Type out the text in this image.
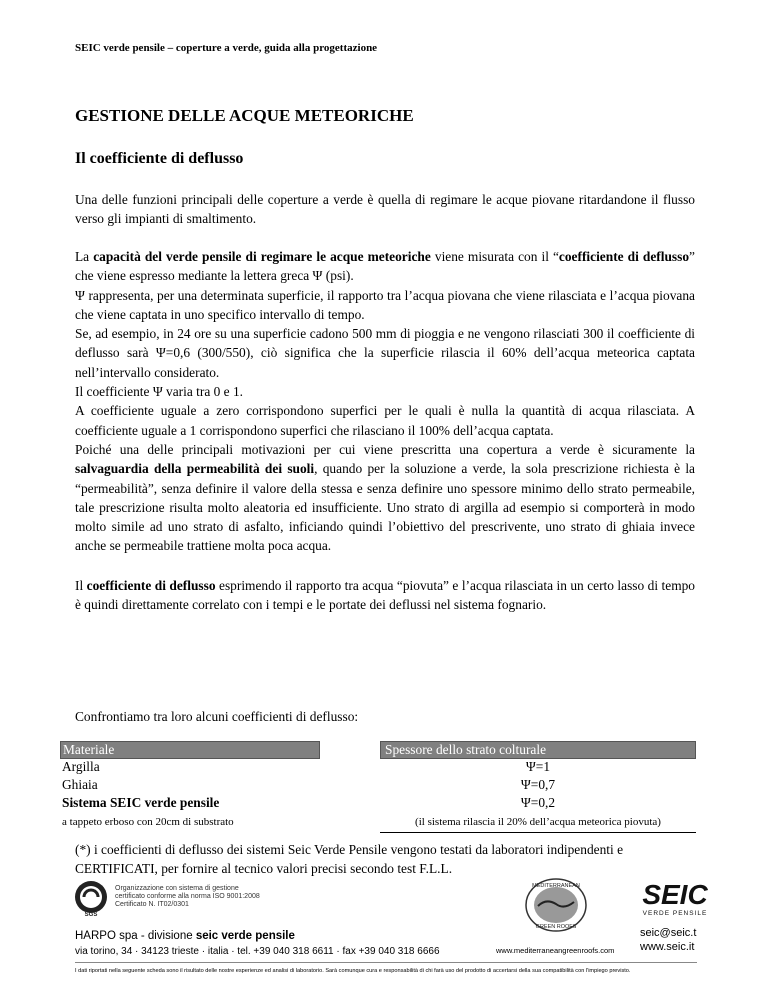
SEIC verde pensile – coperture a verde, guida alla progettazione
GESTIONE DELLE ACQUE METEORICHE
Il coefficiente di deflusso

Una delle funzioni principali delle coperture a verde è quella di regimare le acque piovane ritardandone il flusso verso gli impianti di smaltimento.

La capacità del verde pensile di regimare le acque meteoriche viene misurata con il “coefficiente di deflusso” che viene espresso mediante la lettera greca Ψ (psi).
Ψ rappresenta, per una determinata superficie, il rapporto tra l’acqua piovana che viene rilasciata e l’acqua piovana che viene captata in uno specifico intervallo di tempo.
Se, ad esempio, in 24 ore su una superficie cadono 500 mm di pioggia e ne vengono rilasciati 300 il coefficiente di deflusso sarà Ψ=0,6 (300/550), ciò significa che la superficie rilascia il 60% dell’acqua meteorica captata nell’intervallo considerato.
Il coefficiente Ψ varia tra 0 e 1.
A coefficiente uguale a zero corrispondono superfici per le quali è nulla la quantità di acqua rilasciata. A coefficiente uguale a 1 corrispondono superfici che rilasciano il 100% dell’acqua captata.

Poiché una delle principali motivazioni per cui viene prescritta una copertura a verde è sicuramente la salvaguardia della permeabilità dei suoli, quando per la soluzione a verde, la sola prescrizione richiesta è la “permeabilità”, senza definire il valore della stessa e senza definire uno spessore minimo dello strato permeabile, tale prescrizione risulta molto aleatoria ed insufficiente. Uno strato di argilla ad esempio si comporterà in modo molto simile ad uno strato di asfalto, inficiando quindi l’obiettivo del prescrivente, uno strato di ghiaia invece anche se permeabile trattiene molta poca acqua.

Il coefficiente di deflusso esprimendo il rapporto tra acqua “piovuta” e l’acqua rilasciata in un certo lasso di tempo è quindi direttamente correlato con i tempi e le portate dei deflussi nel sistema fognario.

Confrontiamo tra loro alcuni coefficienti di deflusso:

Materiale	Spessore dello strato colturale
Argilla	Ψ=1
Ghiaia	Ψ=0,7
Sistema SEIC verde pensile	Ψ=0,2
a tappeto erboso con 20cm di substrato	(il sistema rilascia il 20% dell’acqua meteorica piovuta)

(*) i coefficienti di deflusso dei sistemi Seic Verde Pensile vengono testati da laboratori indipendenti e CERTIFICATI, per fornire al tecnico valori precisi secondo test F.L.L.

SGS
Organizzazione con sistema di gestione
certificato conforme alla norma ISO 9001:2008
Certificato N. IT02/0301
MEDITERRANEAN
GREEN ROOFS
SEIC
VERDE PENSILE
HARPO spa - divisione seic verde pensile
via torino, 34 · 34123 trieste · italia · tel. +39 040 318 6611 · fax +39 040 318 6666	www.mediterraneangreenroofs.com
seic@seic.t
www.seic.it
I dati riportati nella seguente scheda sono il risultato delle nostre esperienze ed analisi di laboratorio. Sarà comunque cura e responsabilità di chi farà uso del prodotto di accertarsi della sua compatibilità con l'impiego previsto.
